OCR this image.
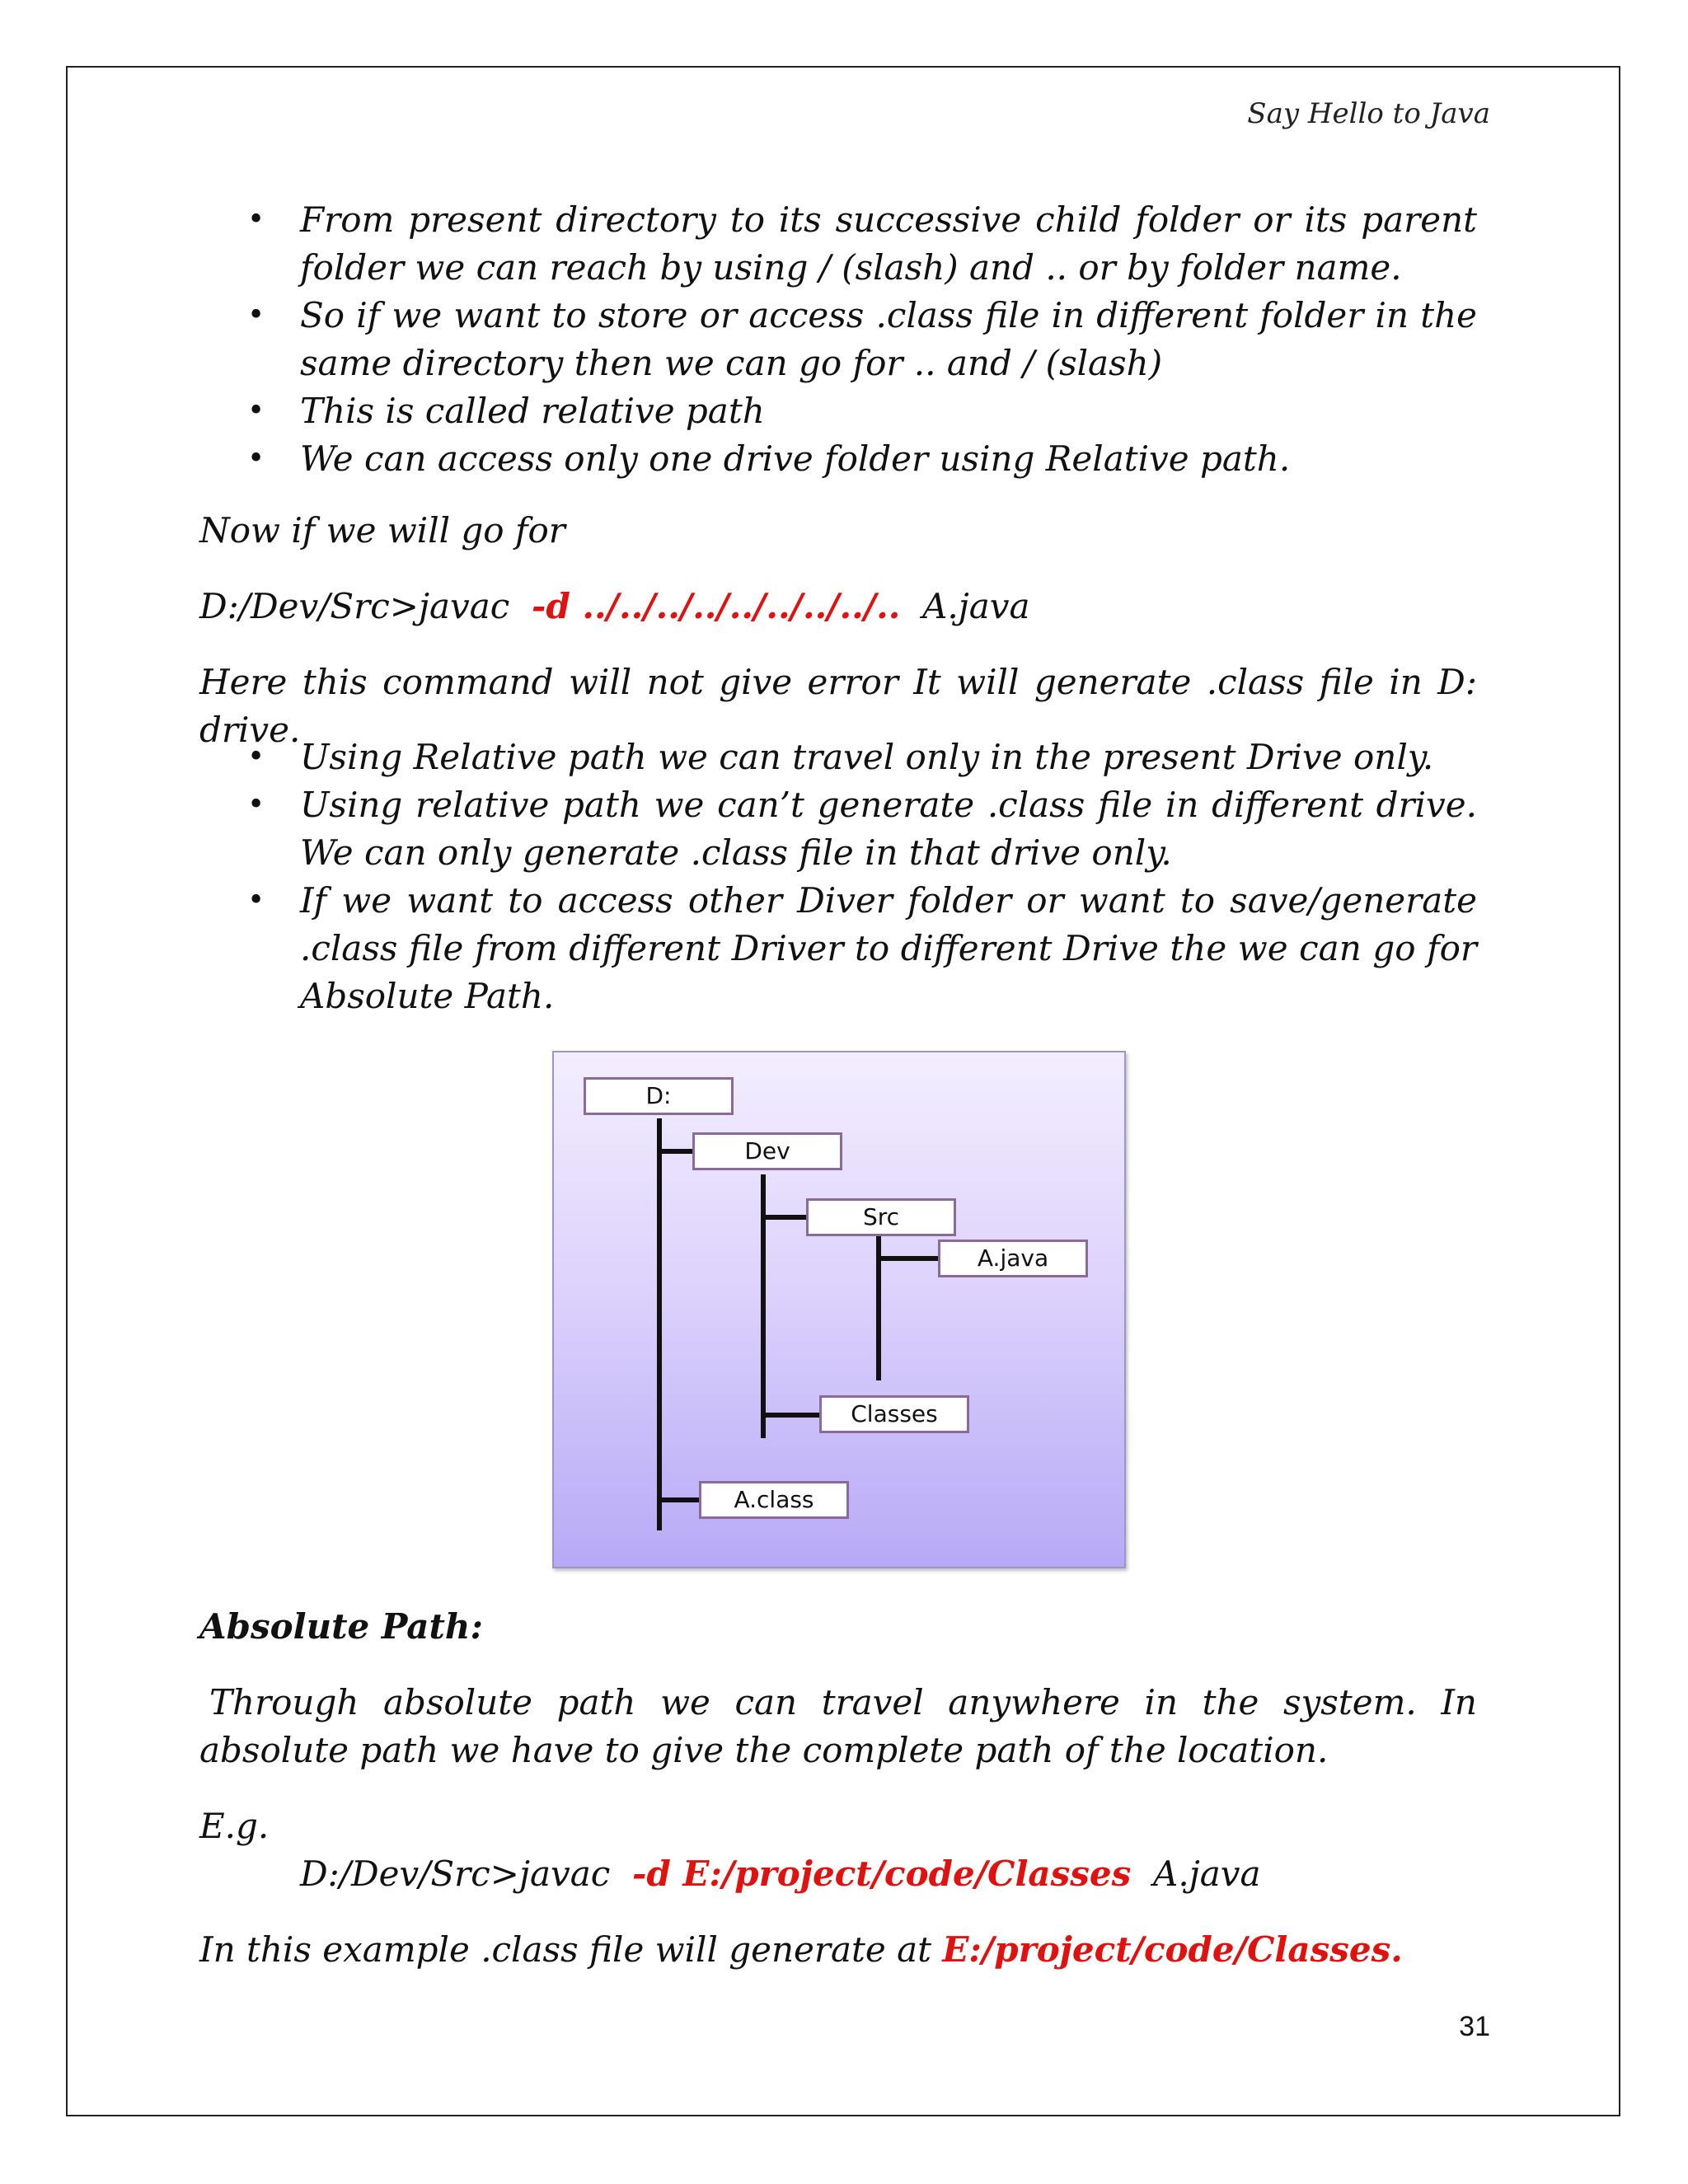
Say Hello to Java
• From present directory to its successive child folder or its parent folder we can reach by using / (slash) and .. or by folder name.
• So if we want to store or access .class file in different folder in the same directory then we can go for .. and / (slash)
• This is called relative path
• We can access only one drive folder using Relative path.
Now if we will go for
D:/Dev/Src>javac -d ../../../../../../../../.. A.java
Here this command will not give error It will generate .class file in D: drive.
• Using Relative path we can travel only in the present Drive only.
• Using relative path we can’t generate .class file in different drive. We can only generate .class file in that drive only.
• If we want to access other Diver folder or want to save/generate .class file from different Driver to different Drive the we can go for Absolute Path.
D:
Dev
Src
A.java
Classes
A.class
Absolute Path:
Through absolute path we can travel anywhere in the system. In absolute path we have to give the complete path of the location.
E.g.
D:/Dev/Src>javac -d E:/project/code/Classes A.java
In this example .class file will generate at E:/project/code/Classes.
31
